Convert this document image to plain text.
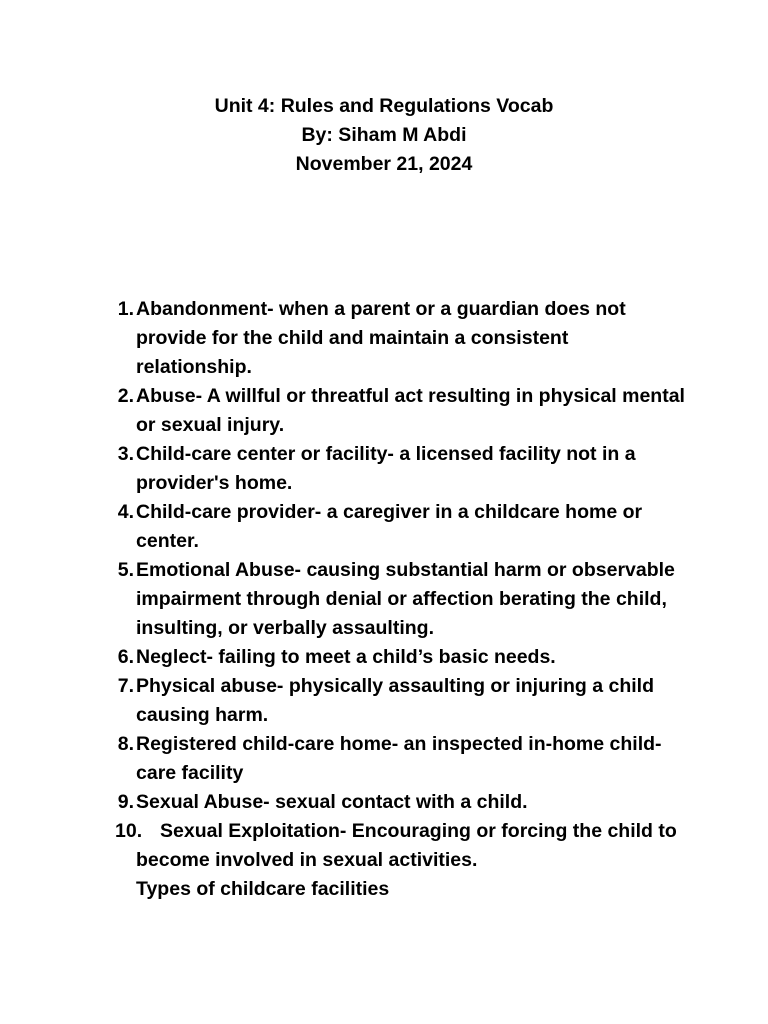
Unit 4: Rules and Regulations Vocab
By: Siham M Abdi
November 21, 2024
1. Abandonment- when a parent or a guardian does not provide for the child and maintain a consistent relationship.
2. Abuse- A willful or threatful act resulting in physical mental or sexual injury.
3. Child-care center or facility- a licensed facility not in a provider's home.
4. Child-care provider- a caregiver in a childcare home or center.
5. Emotional Abuse- causing substantial harm or observable impairment through denial or affection berating the child, insulting, or verbally assaulting.
6. Neglect- failing to meet a child’s basic needs.
7. Physical abuse- physically assaulting or injuring a child causing harm.
8. Registered child-care home- an inspected in-home child-care facility
9. Sexual Abuse- sexual contact with a child.
10. Sexual Exploitation- Encouraging or forcing the child to become involved in sexual activities.
Types of childcare facilities
